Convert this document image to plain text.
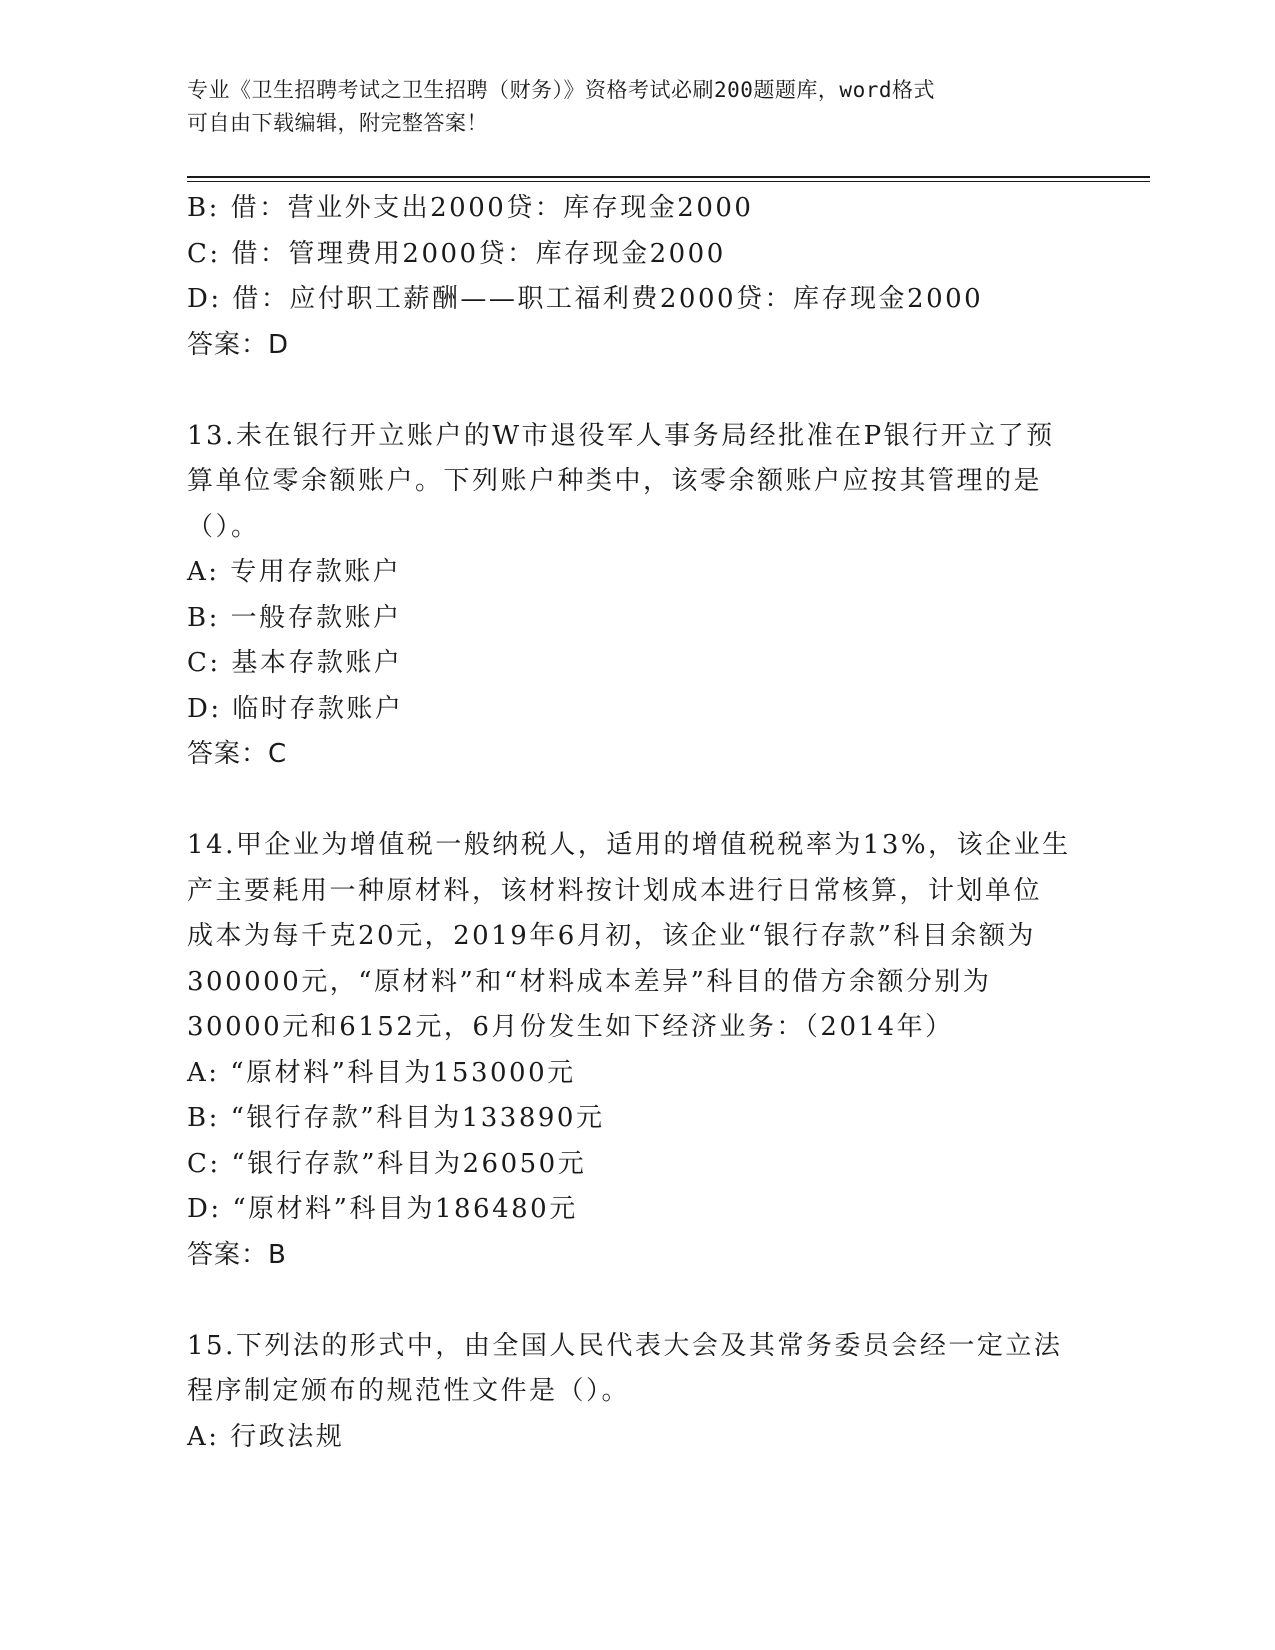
专业《卫生招聘考试之卫生招聘（财务）》资格考试必刷200题题库，word格式
可自由下载编辑，附完整答案！
B: 借：营业外支出2000贷：库存现金2000
C: 借：管理费用2000贷：库存现金2000
D: 借：应付职工薪酬——职工福利费2000贷：库存现金2000
答案：D
13.未在银行开立账户的W市退役军人事务局经批准在P银行开立了预
算单位零余额账户。下列账户种类中，该零余额账户应按其管理的是
（）。
A: 专用存款账户
B: 一般存款账户
C: 基本存款账户
D: 临时存款账户
答案：C
14.甲企业为增值税一般纳税人，适用的增值税税率为13%，该企业生
产主要耗用一种原材料，该材料按计划成本进行日常核算，计划单位
成本为每千克20元，2019年6月初，该企业“银行存款”科目余额为
300000元，“原材料”和“材料成本差异”科目的借方余额分别为
30000元和6152元，6月份发生如下经济业务：（2014年）
A: “原材料”科目为153000元
B: “银行存款”科目为133890元
C: “银行存款”科目为26050元
D: “原材料”科目为186480元
答案：B
15.下列法的形式中，由全国人民代表大会及其常务委员会经一定立法
程序制定颁布的规范性文件是（）。
A: 行政法规
